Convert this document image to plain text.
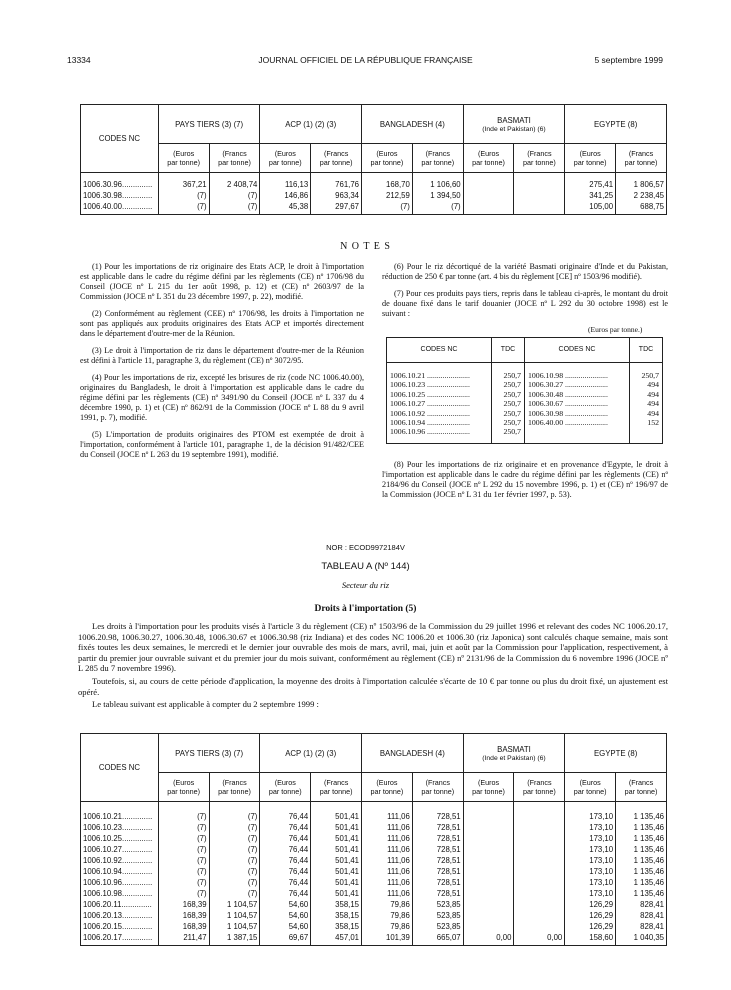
13334	JOURNAL OFFICIEL DE LA RÉPUBLIQUE FRANÇAISE	5 septembre 1999
CODES NC	PAYS TIERS (3) (7)		ACP (1) (2) (3)		BANGLADESH (4)		BASMATI
(Inde et Pakistan) (6)		EGYPTE (8)	
	(Euros
par tonne)	(Francs
par tonne)	(Euros
par tonne)	(Francs
par tonne)	(Euros
par tonne)	(Francs
par tonne)	(Euros
par tonne)	(Francs
par tonne)	(Euros
par tonne)	(Francs
par tonne)

1006.30.96..............	367,21	2 408,74	116,13	761,76	168,70	1 106,60			275,41	1 806,57
1006.30.98..............	(7)	(7)	146,86	963,34	212,59	1 394,50			341,25	2 238,45
1006.40.00..............	(7)	(7)	45,38	297,67	(7)	(7)			105,00	688,75

N O T E S

(1) Pour les importations de riz originaire des Etats ACP, le droit à l'importation est applicable dans le cadre du régime défini par les règlements (CE) nº 1706/98 du Conseil (JOCE nº L 215 du 1er août 1998, p. 12) et (CE) nº 2603/97 de la Commission (JOCE nº L 351 du 23 décembre 1997, p. 22), modifié.

(2) Conformément au règlement (CEE) nº 1706/98, les droits à l'importation ne sont pas appliqués aux produits originaires des Etats ACP et importés directement dans le département d'outre-mer de la Réunion.

(3) Le droit à l'importation de riz dans le département d'outre-mer de la Réunion est défini à l'article 11, paragraphe 3, du règlement (CE) nº 3072/95.

(4) Pour les importations de riz, excepté les brisures de riz (code NC 1006.40.00), originaires du Bangladesh, le droit à l'importation est applicable dans le cadre du régime défini par les règlements (CE) nº 3491/90 du Conseil (JOCE nº L 337 du 4 décembre 1990, p. 1) et (CE) nº 862/91 de la Commission (JOCE nº L 88 du 9 avril 1991, p. 7), modifié.

(5) L'importation de produits originaires des PTOM est exemptée de droit à l'importation, conformément à l'article 101, paragraphe 1, de la décision 91/482/CEE du Conseil (JOCE nº L 263 du 19 septembre 1991), modifié.

(6) Pour le riz décortiqué de la variété Basmati originaire d'Inde et du Pakistan, réduction de 250 € par tonne (art. 4 bis du règlement [CE] nº 1503/96 modifié).

(7) Pour ces produits pays tiers, repris dans le tableau ci-après, le montant du droit de douane fixé dans le tarif douanier (JOCE nº L 292 du 30 octobre 1998) est le suivant :

(Euros par tonne.)
CODES NC	TDC	CODES NC	TDC

1006.10.21 ......................	250,7	1006.10.98 ......................	250,7
1006.10.23 ......................	250,7	1006.30.27 ......................	494
1006.10.25 ......................	250,7	1006.30.48 ......................	494
1006.10.27 ......................	250,7	1006.30.67 ......................	494
1006.10.92 ......................	250,7	1006.30.98 ......................	494
1006.10.94 ......................	250,7	1006.40.00 ......................	152
1006.10.96 ......................	250,7		

(8) Pour les importations de riz originaire et en provenance d'Egypte, le droit à l'importation est applicable dans le cadre du régime défini par les règlements (CE) nº 2184/96 du Conseil (JOCE nº L 292 du 15 novembre 1996, p. 1) et (CE) nº 196/97 de la Commission (JOCE nº L 31 du 1er février 1997, p. 53).

NOR : ECOD9972184V
TABLEAU A (Nº 144)
Secteur du riz
Droits à l'importation (5)

Les droits à l'importation pour les produits visés à l'article 3 du règlement (CE) nº 1503/96 de la Commission du 29 juillet 1996 et relevant des codes NC 1006.20.17, 1006.20.98, 1006.30.27, 1006.30.48, 1006.30.67 et 1006.30.98 (riz Indiana) et des codes NC 1006.20 et 1006.30 (riz Japonica) sont calculés chaque semaine, mais sont fixés toutes les deux semaines, le mercredi et le dernier jour ouvrable des mois de mars, avril, mai, juin et août par la Commission pour l'application, respectivement, à partir du premier jour ouvrable suivant et du premier jour du mois suivant, conformément au règlement (CE) nº 2131/96 de la Commission du 6 novembre 1996 (JOCE nº L 285 du 7 novembre 1996).

Toutefois, si, au cours de cette période d'application, la moyenne des droits à l'importation calculée s'écarte de 10 € par tonne ou plus du droit fixé, un ajustement est opéré.

Le tableau suivant est applicable à compter du 2 septembre 1999 :

CODES NC	PAYS TIERS (3) (7)		ACP (1) (2) (3)		BANGLADESH (4)		BASMATI
(Inde et Pakistan) (6)		EGYPTE (8)	
	(Euros
par tonne)	(Francs
par tonne)	(Euros
par tonne)	(Francs
par tonne)	(Euros
par tonne)	(Francs
par tonne)	(Euros
par tonne)	(Francs
par tonne)	(Euros
par tonne)	(Francs
par tonne)

1006.10.21..............	(7)	(7)	76,44	501,41	111,06	728,51			173,10	1 135,46
1006.10.23..............	(7)	(7)	76,44	501,41	111,06	728,51			173,10	1 135,46
1006.10.25..............	(7)	(7)	76,44	501,41	111,06	728,51			173,10	1 135,46
1006.10.27..............	(7)	(7)	76,44	501,41	111,06	728,51			173,10	1 135,46
1006.10.92..............	(7)	(7)	76,44	501,41	111,06	728,51			173,10	1 135,46
1006.10.94..............	(7)	(7)	76,44	501,41	111,06	728,51			173,10	1 135,46
1006.10.96..............	(7)	(7)	76,44	501,41	111,06	728,51			173,10	1 135,46
1006.10.98..............	(7)	(7)	76,44	501,41	111,06	728,51			173,10	1 135,46
1006.20.11..............	168,39	1 104,57	54,60	358,15	79,86	523,85			126,29	828,41
1006.20.13..............	168,39	1 104,57	54,60	358,15	79,86	523,85			126,29	828,41
1006.20.15..............	168,39	1 104,57	54,60	358,15	79,86	523,85			126,29	828,41
1006.20.17..............	211,47	1 387,15	69,67	457,01	101,39	665,07	0,00	0,00	158,60	1 040,35
